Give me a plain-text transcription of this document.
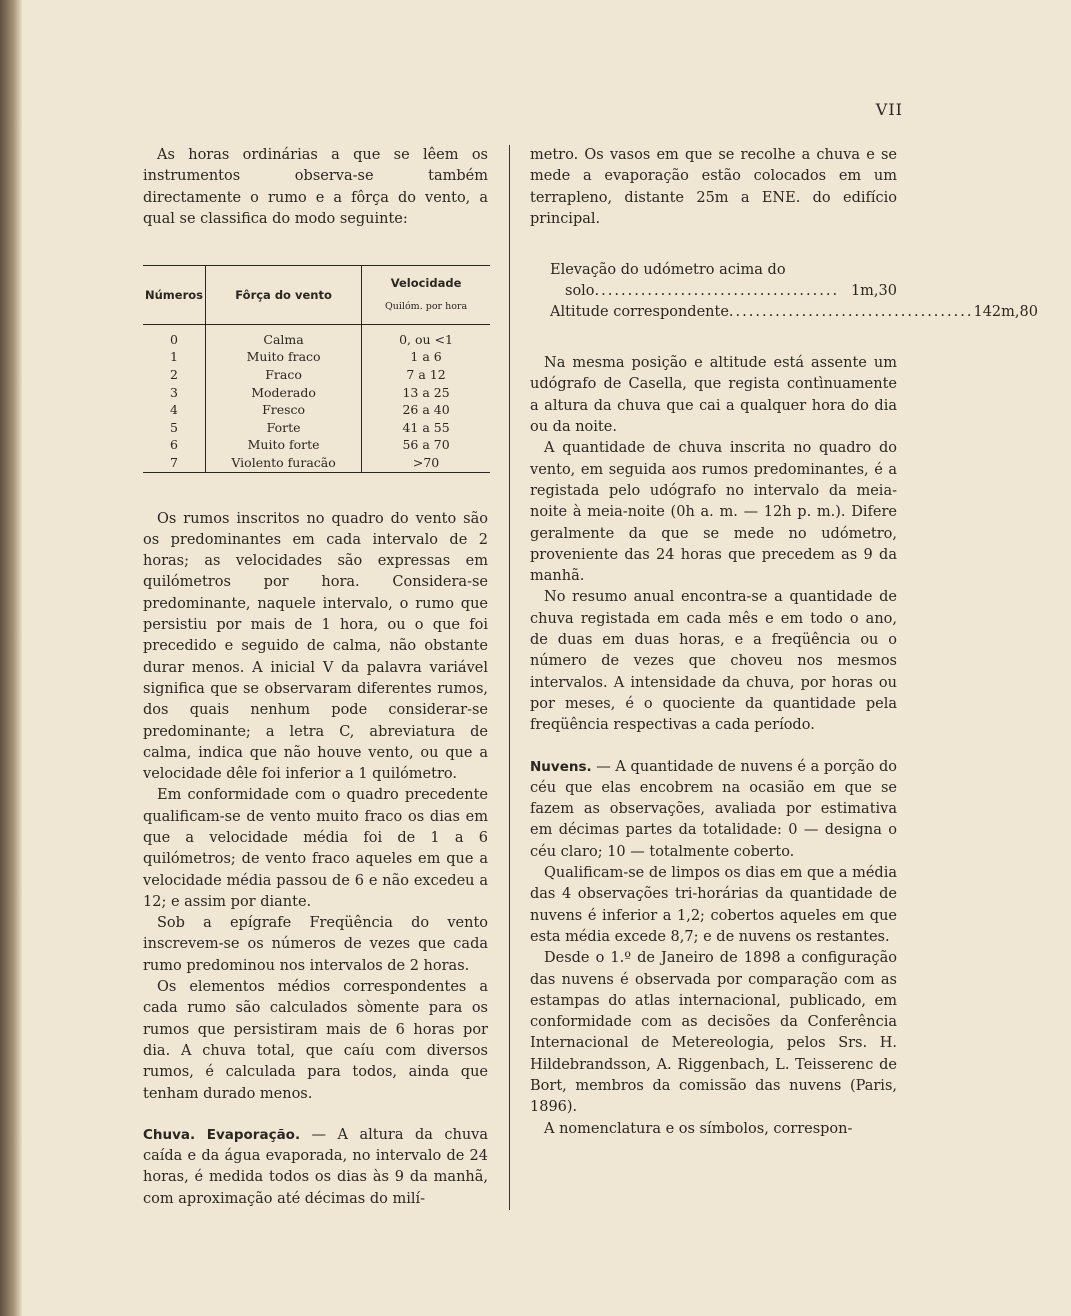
VII

As horas ordinárias a que se lêem os instrumentos observa-se também directamente o rumo e a fôrça do vento, a qual se classifica do modo seguinte:

Números	Fôrça do vento	Velocidade
Quilóm. por hora

0	Calma	0, ou <1
1	Muito fraco	1 a 6
2	Fraco	7 a 12
3	Moderado	13 a 25
4	Fresco	26 a 40
5	Forte	41 a 55
6	Muito forte	56 a 70
7	Violento furacão	>70

Os rumos inscritos no quadro do vento são os predominantes em cada intervalo de 2 horas; as velocidades são expressas em quilómetros por hora. Considera-se predominante, naquele intervalo, o rumo que persistiu por mais de 1 hora, ou o que foi precedido e seguido de calma, não obstante durar menos. A inicial V da palavra variável significa que se observaram diferentes rumos, dos quais nenhum pode considerar-se predominante; a letra C, abreviatura de calma, indica que não houve vento, ou que a velocidade dêle foi inferior a 1 quilómetro.

Em conformidade com o quadro precedente qualificam-se de vento muito fraco os dias em que a velocidade média foi de 1 a 6 quilómetros; de vento fraco aqueles em que a velocidade média passou de 6 e não excedeu a 12; e assim por diante.

Sob a epígrafe Freqüência do vento inscrevem-se os números de vezes que cada rumo predominou nos intervalos de 2 horas.

Os elementos médios correspondentes a cada rumo são calculados sòmente para os rumos que persistiram mais de 6 horas por dia. A chuva total, que caíu com diversos rumos, é calculada para todos, ainda que tenham durado menos.

Chuva. Evaporação. — A altura da chuva caída e da água evaporada, no intervalo de 24 horas, é medida todos os dias às 9 da manhã, com aproximação até décimas do milí-

metro. Os vasos em que se recolhe a chuva e se mede a evaporação estão colocados em um terrapleno, distante 25m a ENE. do edifício principal.

Elevação do udómetro acima do
solo ..................................... 1m,30
Altitude correspondente ..................................... 142m,80

Na mesma posição e altitude está assente um udógrafo de Casella, que regista contìnuamente a altura da chuva que cai a qualquer hora do dia ou da noite.

A quantidade de chuva inscrita no quadro do vento, em seguida aos rumos predominantes, é a registada pelo udógrafo no intervalo da meia-noite à meia-noite (0h a. m. — 12h p. m.). Difere geralmente da que se mede no udómetro, proveniente das 24 horas que precedem as 9 da manhã.

No resumo anual encontra-se a quantidade de chuva registada em cada mês e em todo o ano, de duas em duas horas, e a freqüência ou o número de vezes que choveu nos mesmos intervalos. A intensidade da chuva, por horas ou por meses, é o quociente da quantidade pela freqüência respectivas a cada período.

Nuvens. — A quantidade de nuvens é a porção do céu que elas encobrem na ocasião em que se fazem as observações, avaliada por estimativa em décimas partes da totalidade: 0 — designa o céu claro; 10 — totalmente coberto.

Qualificam-se de limpos os dias em que a média das 4 observações tri-horárias da quantidade de nuvens é inferior a 1,2; cobertos aqueles em que esta média excede 8,7; e de nuvens os restantes.

Desde o 1.º de Janeiro de 1898 a configuração das nuvens é observada por comparação com as estampas do atlas internacional, publicado, em conformidade com as decisões da Conferência Internacional de Metereologia, pelos Srs. H. Hildebrandsson, A. Riggenbach, L. Teisserenc de Bort, membros da comissão das nuvens (Paris, 1896).

A nomenclatura e os símbolos, correspon-
